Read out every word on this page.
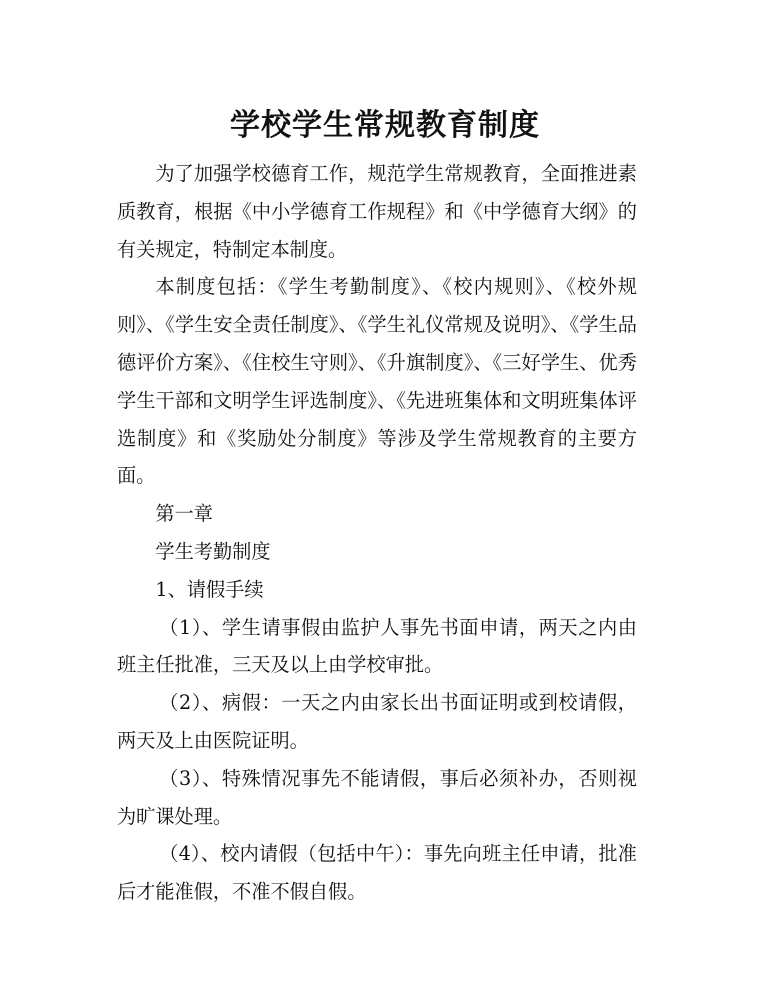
学校学生常规教育制度

为了加强学校德育工作，规范学生常规教育，全面推进素质教育，根据《中小学德育工作规程》和《中学德育大纲》的有关规定，特制定本制度。

本制度包括：《学生考勤制度》、《校内规则》、《校外规则》、《学生安全责任制度》、《学生礼仪常规及说明》、《学生品德评价方案》、《住校生守则》、《升旗制度》、《三好学生、优秀学生干部和文明学生评选制度》、《先进班集体和文明班集体评选制度》和《奖励处分制度》等涉及学生常规教育的主要方面。

第一章

学生考勤制度

1、请假手续

（1）、学生请事假由监护人事先书面申请，两天之内由班主任批准，三天及以上由学校审批。

（2）、病假：一天之内由家长出书面证明或到校请假，两天及上由医院证明。

（3）、特殊情况事先不能请假，事后必须补办，否则视为旷课处理。

（4）、校内请假（包括中午）：事先向班主任申请，批准后才能准假，不准不假自假。
